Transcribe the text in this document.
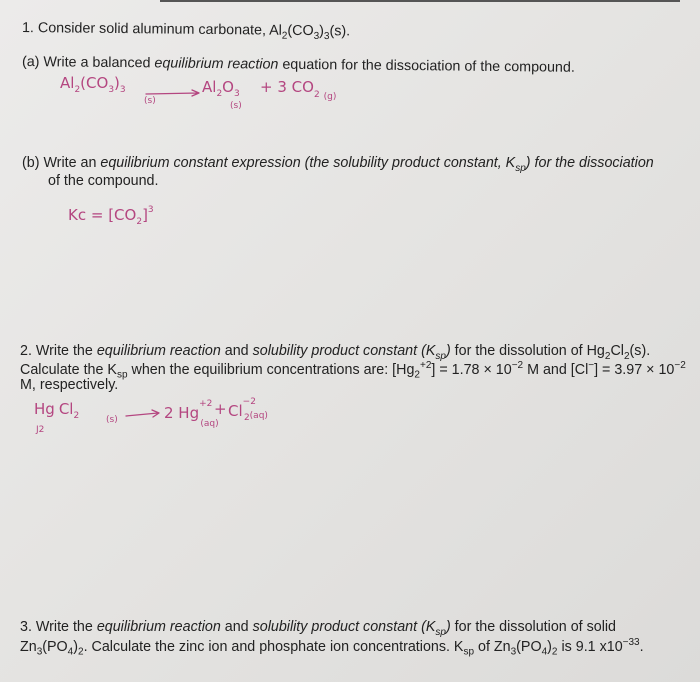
1. Consider solid aluminum carbonate, $Al_2(CO_3)_3(s)$.
(a) Write a balanced equilibrium reaction equation for the dissociation of the compound.
$Al_2(CO_3)_3$
(s)
$Al_2O_3$
(s)
+ 3 $CO_2$ (g)
(b) Write an equilibrium constant expression (the solubility product constant, $K_{sp}$) for the dissociation
of the compound.
$Kc = [CO_2]^3$
2. Write the equilibrium reaction and solubility product constant $(K_{sp})$ for the dissolution of $Hg_2Cl_2(s)$.
Calculate the $K_{sp}$ when the equilibrium concentrations are: $[Hg_2^{+2}] = 1.78 \times 10^{-2}$ M and $[Cl^-] = 3.97 \times 10^{-2}$
M, respectively.
Hg $Cl_2$
J2
(s)	2 $Hg^{+2}$ (aq)
+ $Cl^{-2}$ 2(aq)
3. Write the equilibrium reaction and solubility product constant $(K_{sp})$ for the dissolution of solid
$Zn_3(PO_4)_2$. Calculate the zinc ion and phosphate ion concentrations. $K_{sp}$ of $Zn_3(PO_4)_2$ is 9.1 $x10^{-33}$.
